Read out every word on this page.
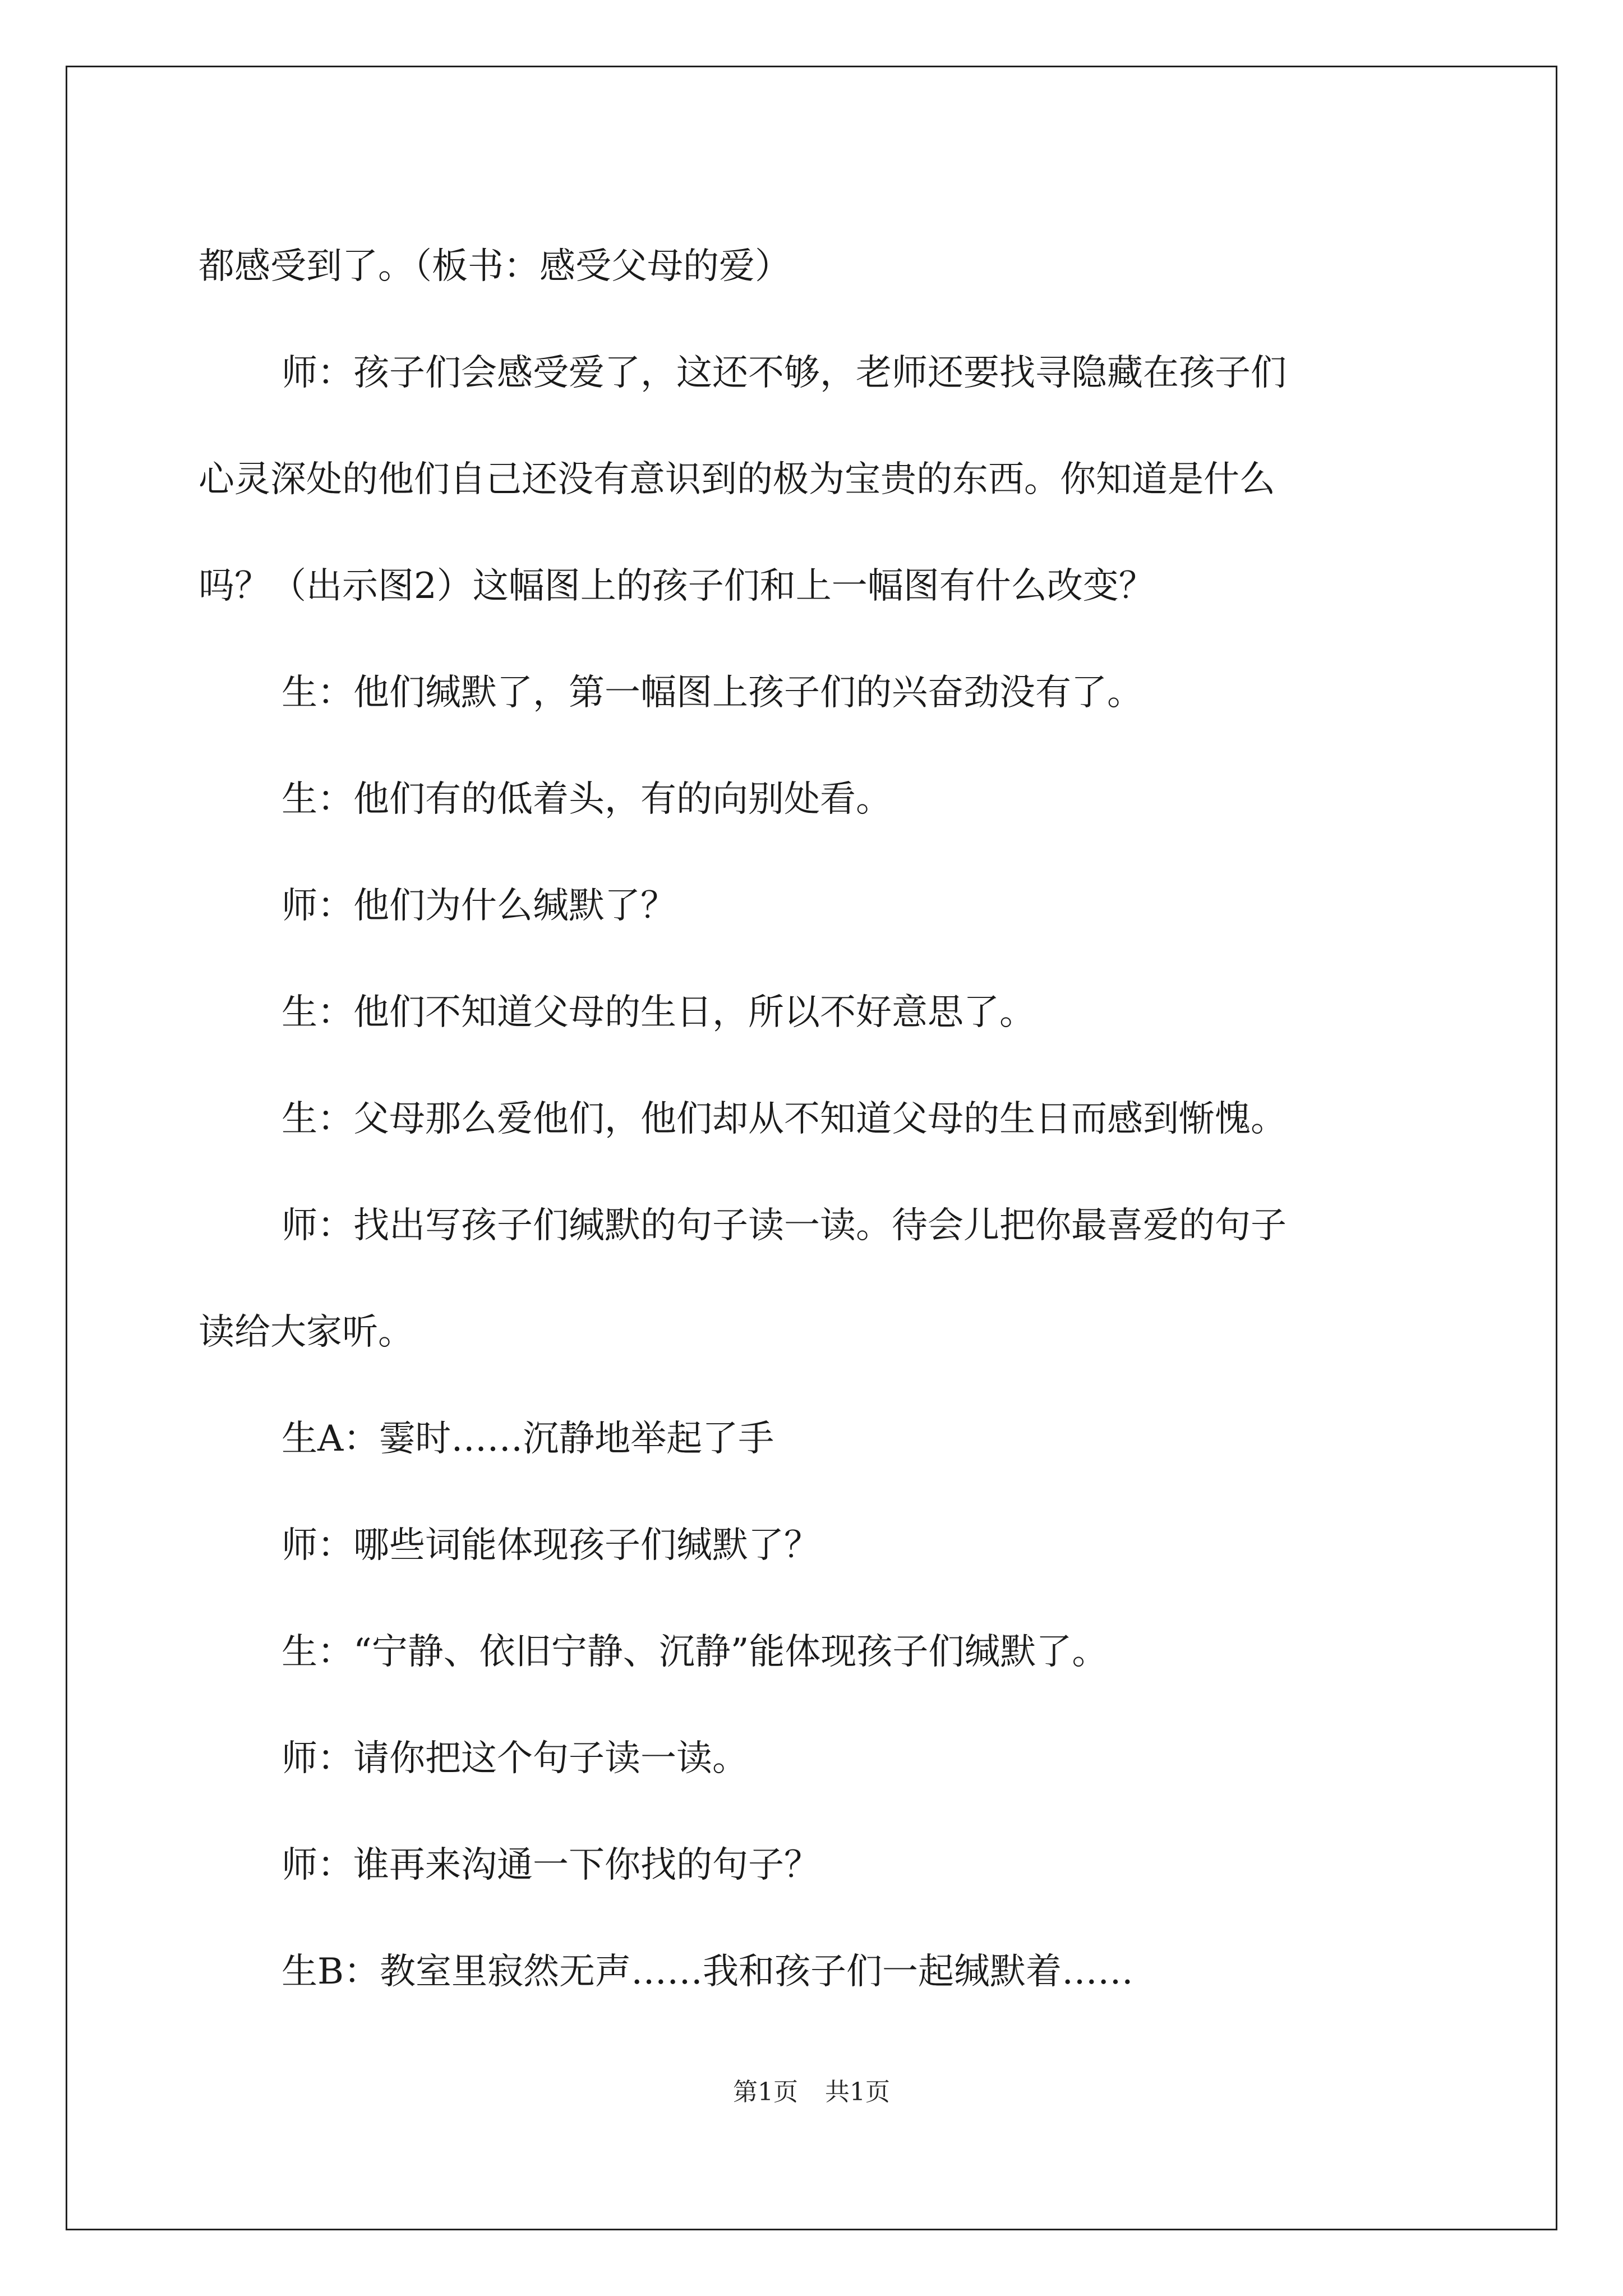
都感受到了。（板书：感受父母的爱）
师：孩子们会感受爱了，这还不够，老师还要找寻隐藏在孩子们
心灵深处的他们自己还没有意识到的极为宝贵的东西。你知道是什么
吗？（出示图2）这幅图上的孩子们和上一幅图有什么改变？
生：他们缄默了，第一幅图上孩子们的兴奋劲没有了。
生：他们有的低着头，有的向别处看。
师：他们为什么缄默了？
生：他们不知道父母的生日，所以不好意思了。
生：父母那么爱他们，他们却从不知道父母的生日而感到惭愧。
师：找出写孩子们缄默的句子读一读。待会儿把你最喜爱的句子
读给大家听。
生A：霎时……沉静地举起了手
师：哪些词能体现孩子们缄默了？
生：“宁静、依旧宁静、沉静”能体现孩子们缄默了。
师：请你把这个句子读一读。
师：谁再来沟通一下你找的句子？
生B：教室里寂然无声……我和孩子们一起缄默着……
第1页 共1页
